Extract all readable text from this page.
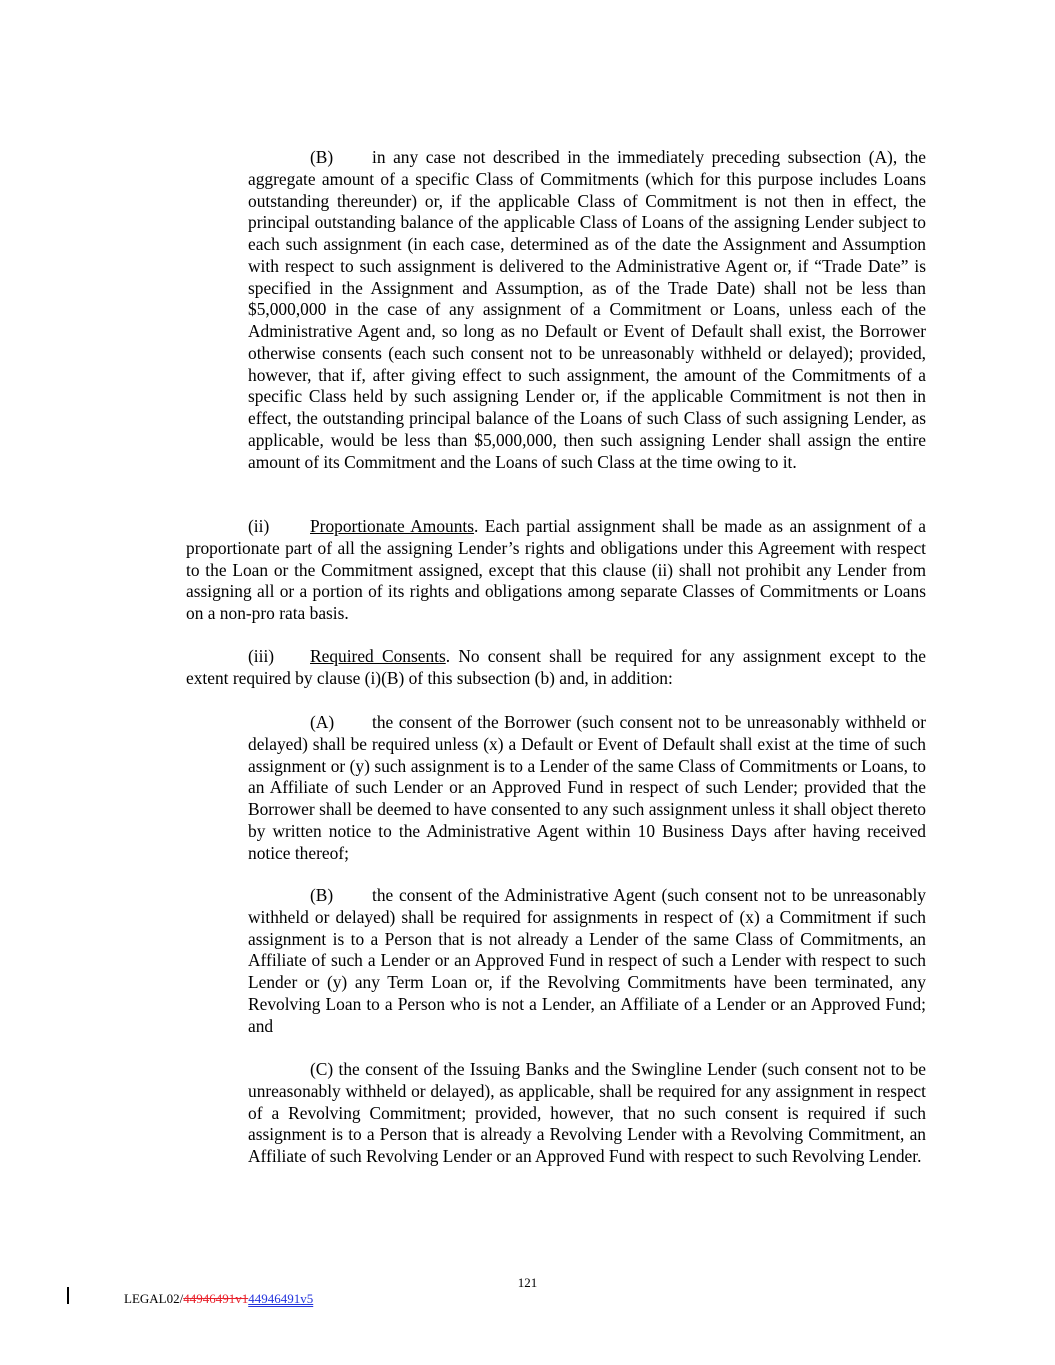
(B) in any case not described in the immediately preceding subsection (A), the aggregate amount of a specific Class of Commitments (which for this purpose includes Loans outstanding thereunder) or, if the applicable Class of Commitment is not then in effect, the principal outstanding balance of the applicable Class of Loans of the assigning Lender subject to each such assignment (in each case, determined as of the date the Assignment and Assumption with respect to such assignment is delivered to the Administrative Agent or, if “Trade Date” is specified in the Assignment and Assumption, as of the Trade Date) shall not be less than $5,000,000 in the case of any assignment of a Commitment or Loans, unless each of the Administrative Agent and, so long as no Default or Event of Default shall exist, the Borrower otherwise consents (each such consent not to be unreasonably withheld or delayed); provided, however, that if, after giving effect to such assignment, the amount of the Commitments of a specific Class held by such assigning Lender or, if the applicable Commitment is not then in effect, the outstanding principal balance of the Loans of such Class of such assigning Lender, as applicable, would be less than $5,000,000, then such assigning Lender shall assign the entire amount of its Commitment and the Loans of such Class at the time owing to it.
(ii) Proportionate Amounts. Each partial assignment shall be made as an assignment of a proportionate part of all the assigning Lender’s rights and obligations under this Agreement with respect to the Loan or the Commitment assigned, except that this clause (ii) shall not prohibit any Lender from assigning all or a portion of its rights and obligations among separate Classes of Commitments or Loans on a non-pro rata basis.
(iii) Required Consents. No consent shall be required for any assignment except to the extent required by clause (i)(B) of this subsection (b) and, in addition:
(A) the consent of the Borrower (such consent not to be unreasonably withheld or delayed) shall be required unless (x) a Default or Event of Default shall exist at the time of such assignment or (y) such assignment is to a Lender of the same Class of Commitments or Loans, to an Affiliate of such Lender or an Approved Fund in respect of such Lender; provided that the Borrower shall be deemed to have consented to any such assignment unless it shall object thereto by written notice to the Administrative Agent within 10 Business Days after having received notice thereof;
(B) the consent of the Administrative Agent (such consent not to be unreasonably withheld or delayed) shall be required for assignments in respect of (x) a Commitment if such assignment is to a Person that is not already a Lender of the same Class of Commitments, an Affiliate of such a Lender or an Approved Fund in respect of such a Lender with respect to such Lender or (y) any Term Loan or, if the Revolving Commitments have been terminated, any Revolving Loan to a Person who is not a Lender, an Affiliate of a Lender or an Approved Fund; and
(C) the consent of the Issuing Banks and the Swingline Lender (such consent not to be unreasonably withheld or delayed), as applicable, shall be required for any assignment in respect of a Revolving Commitment; provided, however, that no such consent is required if such assignment is to a Person that is already a Revolving Lender with a Revolving Commitment, an Affiliate of such Revolving Lender or an Approved Fund with respect to such Revolving Lender.
121
LEGAL02/44946491v144946491v5
